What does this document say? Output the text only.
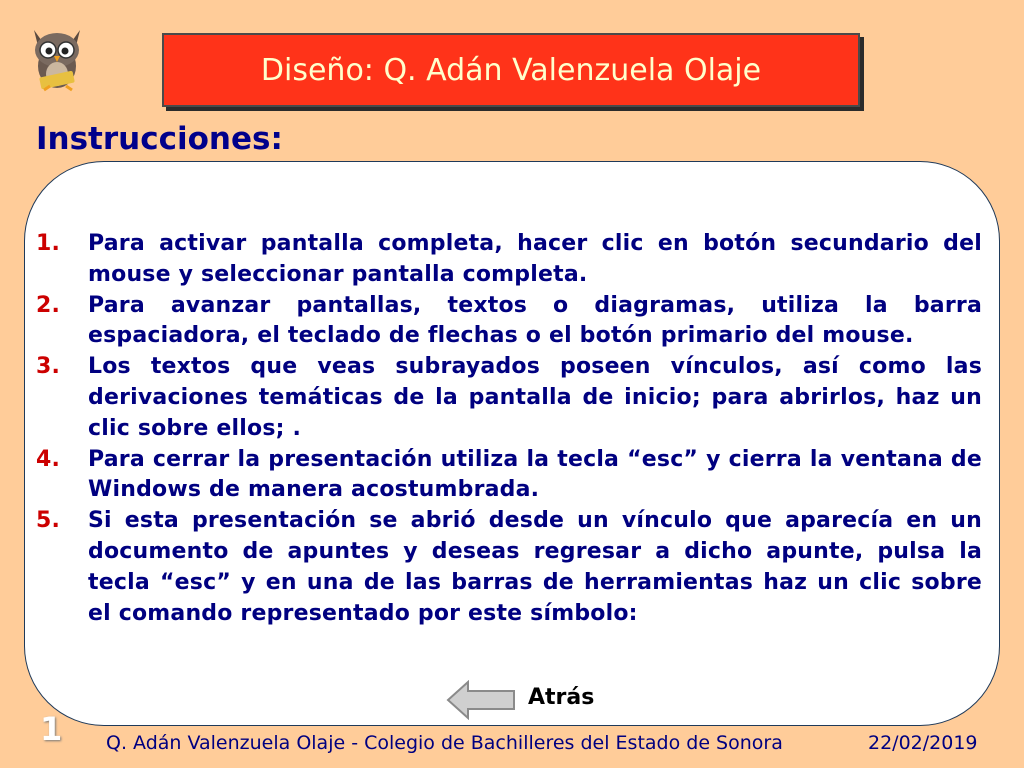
Diseño: Q. Adán Valenzuela Olaje
Instrucciones:
1. Para activar pantalla completa, hacer clic en botón secundario del mouse y seleccionar pantalla completa.
2. Para avanzar pantallas, textos o diagramas, utiliza la barra espaciadora, el teclado de flechas o el botón primario del mouse.
3. Los textos que veas subrayados poseen vínculos, así como las derivaciones temáticas de la pantalla de inicio; para abrirlos, haz un clic sobre ellos; .
4. Para cerrar la presentación utiliza la tecla “esc” y cierra la ventana de Windows de manera acostumbrada.
5. Si esta presentación se abrió desde un vínculo que aparecía en un documento de apuntes y deseas regresar a dicho apunte, pulsa la tecla “esc” y en una de las barras de herramientas haz un clic sobre el comando representado por este símbolo:
Atrás
1 Q. Adán Valenzuela Olaje - Colegio de Bachilleres del Estado de Sonora	22/02/2019
